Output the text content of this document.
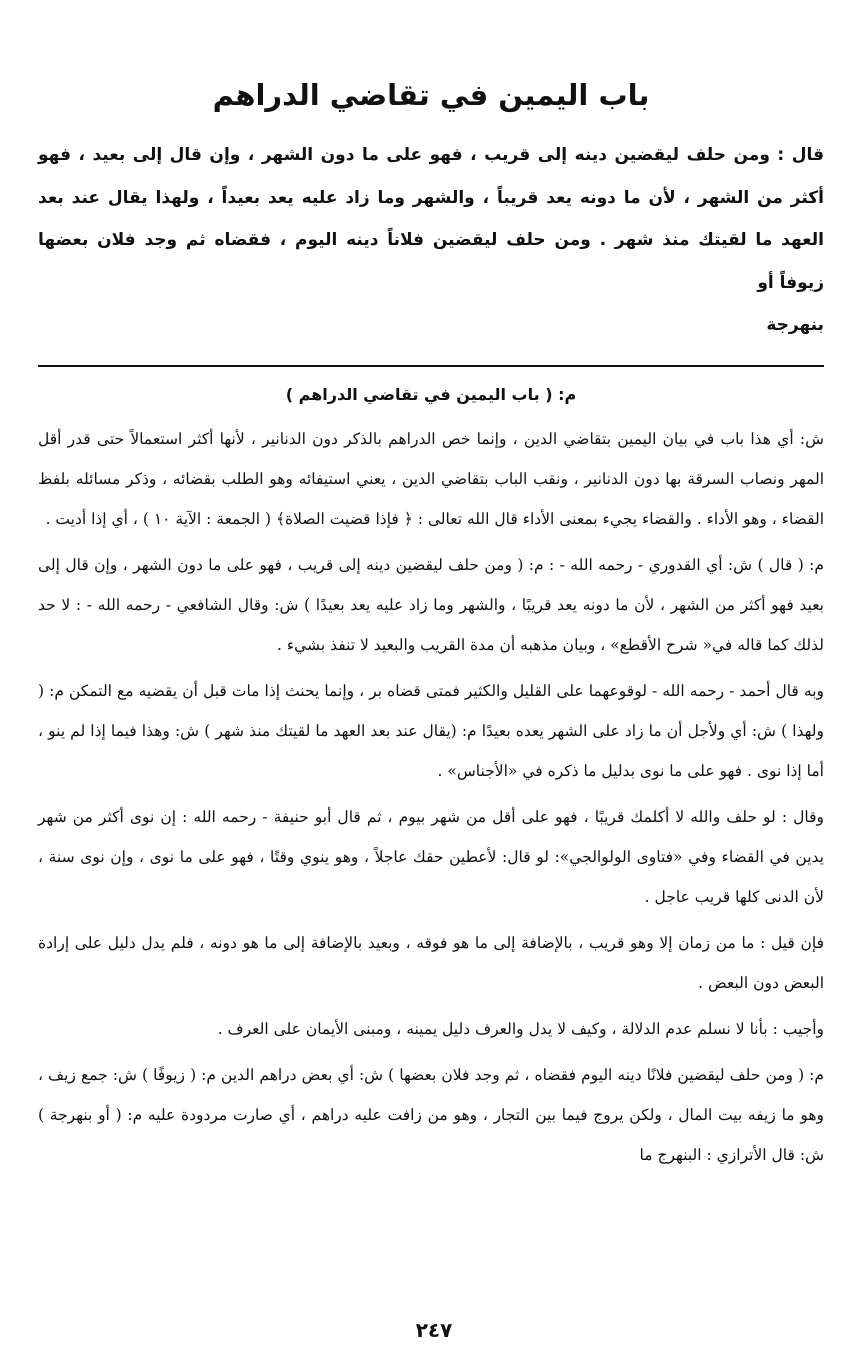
باب اليمين في تقاضي الدراهم

قال : ومن حلف ليقضين دينه إلى قريب ، فهو على ما دون الشهر ، وإن قال إلى بعيد ، فهو أكثر من الشهر ، لأن ما دونه يعد قريباً ، والشهر وما زاد عليه يعد بعيداً ، ولهذا يقال عند بعد العهد ما لقيتك منذ شهر . ومن حلف ليقضين فلاناً دينه اليوم ، فقضاه ثم وجد فلان بعضها زيوفاً أو
بنهرجة

م: ( باب اليمين في تقاضي الدراهم )

ش: أي هذا باب في بيان اليمين بتقاضي الدين ، وإنما خص الدراهم بالذكر دون الدنانير ، لأنها أكثر استعمالاً حتى قدر أقل المهر ونصاب السرقة بها دون الدنانير ، ونقب الباب بتقاضي الدين ، يعني استيفائه وهو الطلب بقضائه ، وذكر مسائله بلفظ القضاء ، وهو الأداء . والقضاء يجيء بمعنى الأداء قال الله تعالى : ﴿ فإذا قضيت الصلاة﴾ ( الجمعة : الآية ١٠ ) ، أي إذا أديت .

م: ( قال ) ش: أي القدوري - رحمه الله - : م: ( ومن حلف ليقضين دينه إلى قريب ، فهو على ما دون الشهر ، وإن قال إلى بعيد فهو أكثر من الشهر ، لأن ما دونه يعد قريبًا ، والشهر وما زاد عليه يعد بعيدًا ) ش: وقال الشافعي - رحمه الله - : لا حد لذلك كما قاله في« شرح الأقطع» ، وبيان مذهبه أن مدة القريب والبعيد لا تنفذ بشيء .

وبه قال أحمد - رحمه الله - لوقوعهما على القليل والكثير فمتى قضاه بر ، وإنما يحنث إذا مات قبل أن يقضيه مع التمكن م: ( ولهذا ) ش: أي ولأجل أن ما زاد على الشهر يعده بعيدًا م: (يقال عند بعد العهد ما لقيتك منذ شهر ) ش: وهذا فيما إذا لم ينو ، أما إذا نوى . فهو على ما نوى بدليل ما ذكره في «الأجناس» .

وقال : لو حلف والله لا أكلمك قريبًا ، فهو على أقل من شهر بيوم ، ثم قال أبو حنيفة - رحمه الله : إن نوى أكثر من شهر يدين في القضاء وفي «فتاوى الولوالجي»: لو قال: لأعطين حقك عاجلاً ، وهو ينوي وقتًا ، فهو على ما نوى ، وإن نوى سنة ، لأن الدنى كلها قريب عاجل .

فإن قيل : ما من زمان إلا وهو قريب ، بالإضافة إلى ما هو فوقه ، وبعيد بالإضافة إلى ما هو دونه ، فلم يدل دليل على إرادة البعض دون البعض .

وأجيب : بأنا لا نسلم عدم الدلالة ، وكيف لا يدل والعرف دليل يمينه ، ومبنى الأيمان على العرف .

م: ( ومن حلف ليقضين فلانًا دينه اليوم فقضاه ، ثم وجد فلان بعضها ) ش: أي بعض دراهم الدين م: ( زيوفًا ) ش: جمع زيف ، وهو ما زيفه بيت المال ، ولكن يروج فيما بين التجار ، وهو من زافت عليه دراهم ، أي صارت مردودة عليه م: ( أو بنهرجة ) ش: قال الأترازي : البنهرج ما

٢٤٧
